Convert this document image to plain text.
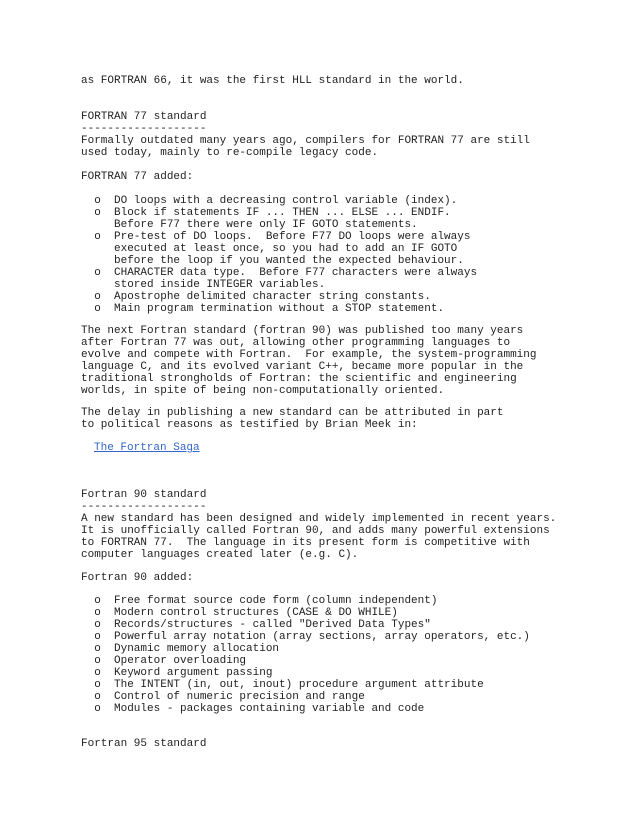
as FORTRAN 66, it was the first HLL standard in the world.
FORTRAN 77 standard
-------------------
Formally outdated many years ago, compilers for FORTRAN 77 are still
used today, mainly to re-compile legacy code.
FORTRAN 77 added:
o  DO loops with a decreasing control variable (index).
o  Block if statements IF ... THEN ... ELSE ... ENDIF.
Before F77 there were only IF GOTO statements.
o  Pre-test of DO loops.  Before F77 DO loops were always
executed at least once, so you had to add an IF GOTO
before the loop if you wanted the expected behaviour.
o  CHARACTER data type.  Before F77 characters were always
stored inside INTEGER variables.
o  Apostrophe delimited character string constants.
o  Main program termination without a STOP statement.
The next Fortran standard (fortran 90) was published too many years
after Fortran 77 was out, allowing other programming languages to
evolve and compete with Fortran.  For example, the system-programming
language C, and its evolved variant C++, became more popular in the
traditional strongholds of Fortran: the scientific and engineering
worlds, in spite of being non-computationally oriented.
The delay in publishing a new standard can be attributed in part
to political reasons as testified by Brian Meek in:
The Fortran Saga
Fortran 90 standard
-------------------
A new standard has been designed and widely implemented in recent years.
It is unofficially called Fortran 90, and adds many powerful extensions
to FORTRAN 77.  The language in its present form is competitive with
computer languages created later (e.g. C).
Fortran 90 added:
o  Free format source code form (column independent)
o  Modern control structures (CASE & DO WHILE)
o  Records/structures - called "Derived Data Types"
o  Powerful array notation (array sections, array operators, etc.)
o  Dynamic memory allocation
o  Operator overloading
o  Keyword argument passing
o  The INTENT (in, out, inout) procedure argument attribute
o  Control of numeric precision and range
o  Modules - packages containing variable and code
Fortran 95 standard
